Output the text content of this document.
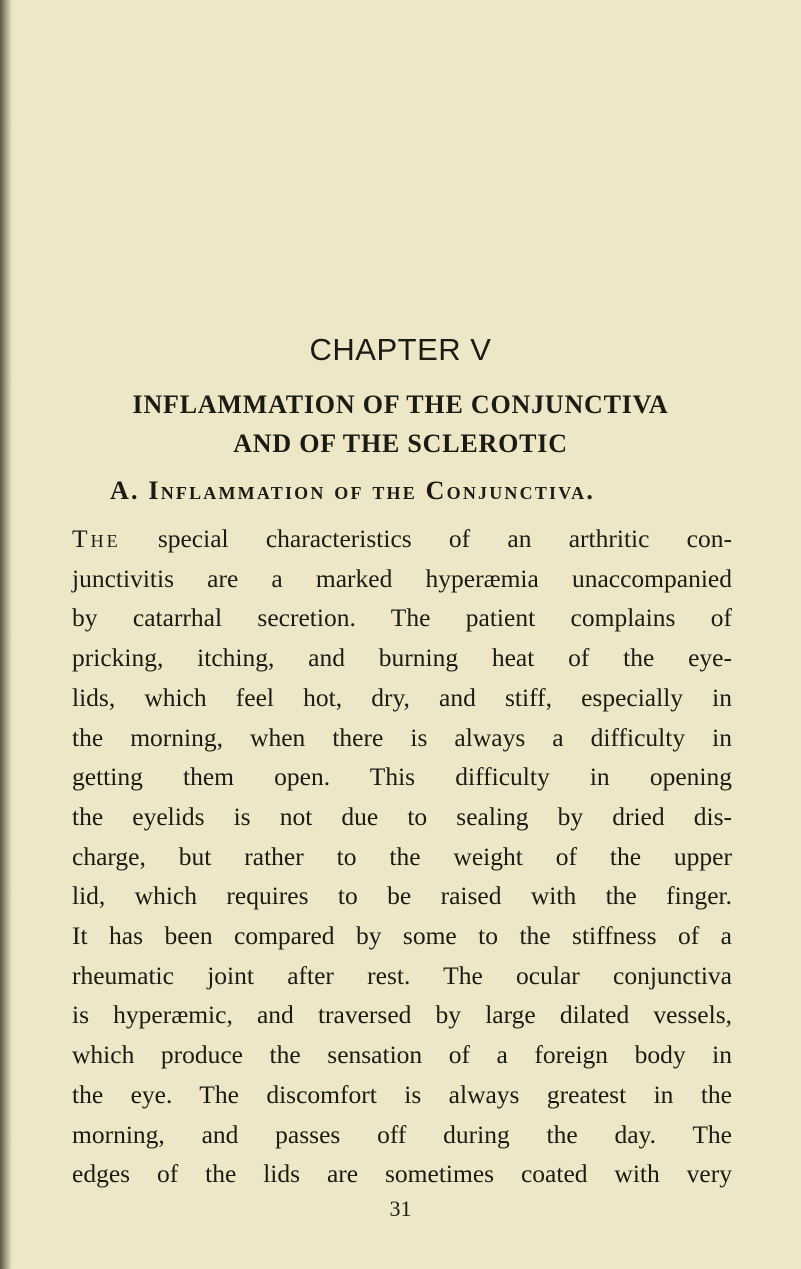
CHAPTER V
INFLAMMATION OF THE CONJUNCTIVA
AND OF THE SCLEROTIC
A. Inflammation of the Conjunctiva.
The special characteristics of an arthritic con-
junctivitis are a marked hyperæmia unaccompanied
by catarrhal secretion. The patient complains of
pricking, itching, and burning heat of the eye-
lids, which feel hot, dry, and stiff, especially in
the morning, when there is always a difficulty in
getting them open. This difficulty in opening
the eyelids is not due to sealing by dried dis-
charge, but rather to the weight of the upper
lid, which requires to be raised with the finger.
It has been compared by some to the stiffness of a
rheumatic joint after rest. The ocular conjunctiva
is hyperæmic, and traversed by large dilated vessels,
which produce the sensation of a foreign body in
the eye. The discomfort is always greatest in the
morning, and passes off during the day. The
edges of the lids are sometimes coated with very
31
